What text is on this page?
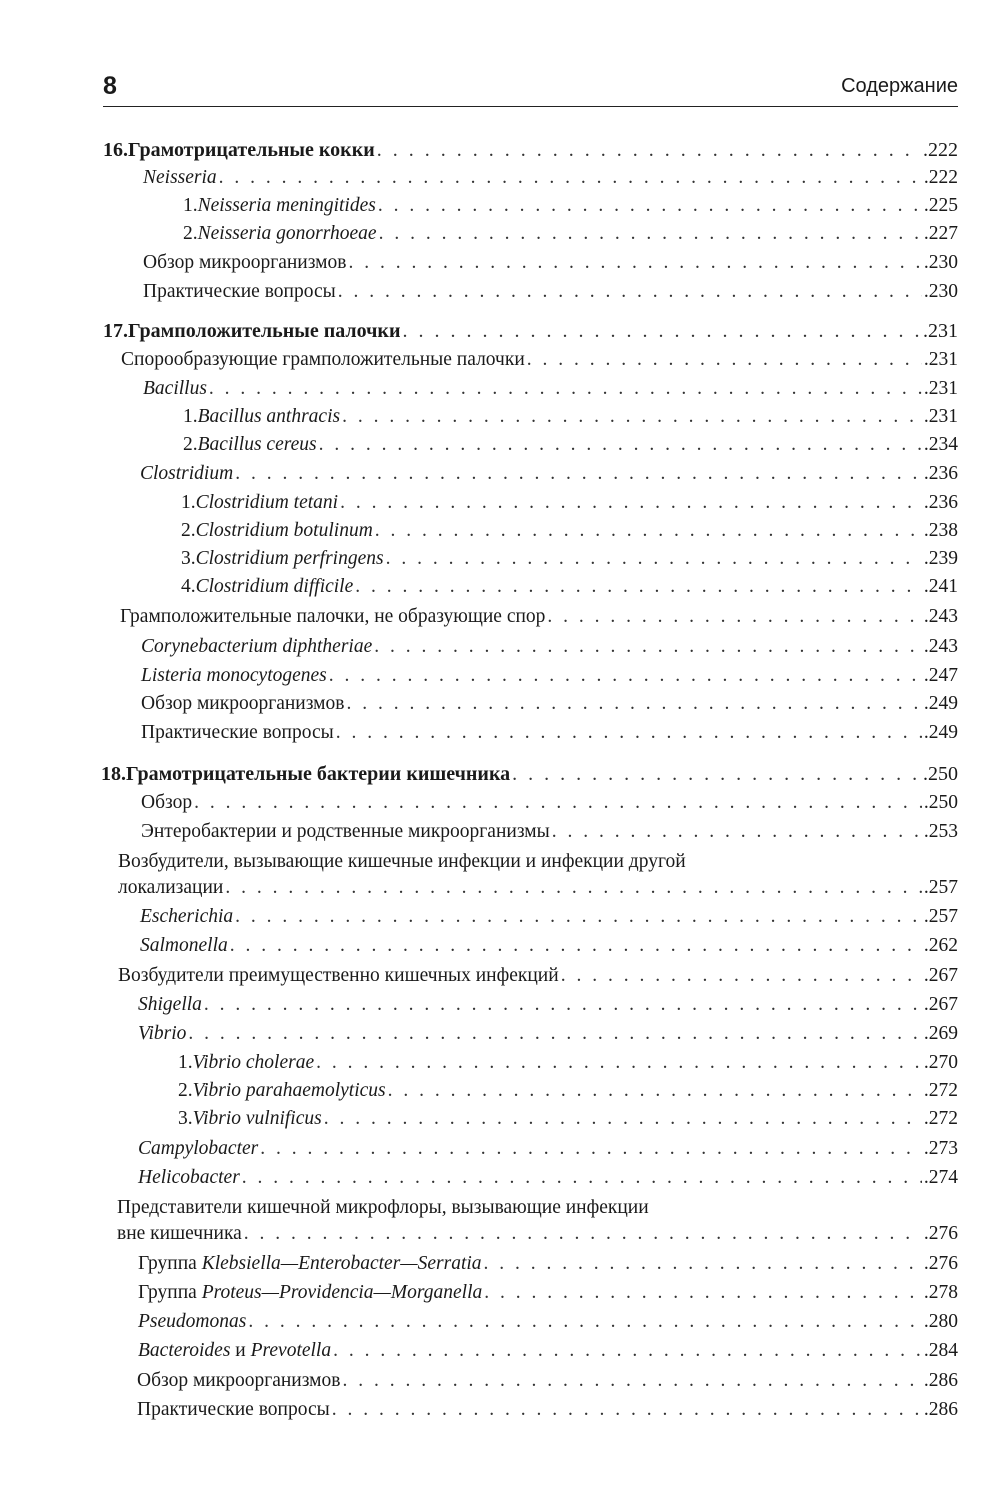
8	Содержание
16. Грамотрицательные кокки . . .	.222
Neisseria . . .	.222
1. Neisseria meningitides . . .	.225
2. Neisseria gonorrhoeae . . .	.227
Обзор микроорганизмов . . .	.230
Практические вопросы . . .	.230
17. Грамположительные палочки . . .	.231
Спорообразующие грамположительные палочки . . .	.231
Bacillus . . .	.231
1. Bacillus anthracis . . .	.231
2. Bacillus cereus . . .	.234
Clostridium . . .	.236
1. Clostridium tetani . . .	.236
2. Clostridium botulinum . . .	.238
3. Clostridium perfringens . . .	.239
4. Clostridium difficile . . .	.241
Грамположительные палочки, не образующие спор . . .	.243
Corynebacterium diphtheriae . . .	.243
Listeria monocytogenes . . .	.247
Обзор микроорганизмов . . .	.249
Практические вопросы . . .	.249
18. Грамотрицательные бактерии кишечника . . .	.250
Обзор . . .	.250
Энтеробактерии и родственные микроорганизмы . . .	.253
Возбудители, вызывающие кишечные инфекции и инфекции другой
локализации . . .	.257
Escherichia . . .	.257
Salmonella . . .	.262
Возбудители преимущественно кишечных инфекций . . .	.267
Shigella . . .	.267
Vibrio . . .	.269
1. Vibrio cholerae . . .	.270
2. Vibrio parahaemolyticus . . .	.272
3. Vibrio vulnificus . . .	.272
Campylobacter . . .	.273
Helicobacter . . .	.274
Представители кишечной микрофлоры, вызывающие инфекции
вне кишечника . . .	.276
Группа
Klebsiella—Enterobacter—Serratia . . .	.276
Группа
Proteus—Providencia—Morganella . . .	.278
Pseudomonas . . .	.280
Bacteroides
и
Prevotella . . .	.284
Обзор микроорганизмов . . .	.286
Практические вопросы . . .	.286
